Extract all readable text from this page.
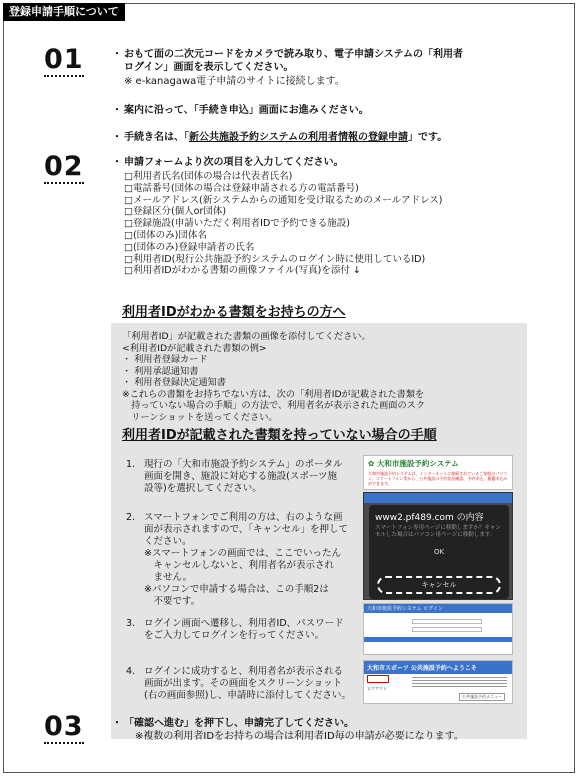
登録申請手順について
01	・ おもて面の二次元コードをカメラで読み取り、電子申請システムの「利用者
ログイン」画面を表示してください。
※ e-kanagawa電子申請のサイトに接続します。
・ 案内に沿って、「手続き申込」画面にお進みください。
・ 手続き名は、「新公共施設予約システムの利用者情報の登録申請」です。
02	・ 申請フォームより次の項目を入力してください。
□利用者氏名(団体の場合は代表者氏名)
□電話番号(団体の場合は登録申請される方の電話番号)
□メールアドレス(新システムからの通知を受け取るためのメールアドレス)
□登録区分(個人or団体)
□登録施設(申請いただく利用者IDで予約できる施設)
□(団体のみ)団体名
□(団体のみ)登録申請者の氏名
□利用者ID(現行公共施設予約システムのログイン時に使用しているID)
□利用者IDがわかる書類の画像ファイル(写真)を添付 ↓
利用者IDがわかる書類をお持ちの方へ
「利用者ID」が記載された書類の画像を添付してください。
<利用者IDが記載された書類の例>
・ 利用者登録カード
・ 利用承認通知書
・ 利用者登録決定通知書
※これらの書類をお持ちでない方は、次の「利用者IDが記載された書類を
　持っていない場合の手順」の方法で、利用者名が表示された画面のスク
　リーンショットを送ってください。
利用者IDが記載された書類を持っていない場合の手順
1. 現行の「大和市施設予約システム」のポータル
画面を開き、施設に対応する施設(スポーツ施
設等)を選択してください。
2. スマートフォンでご利用の方は、右のような画
面が表示されますので、「キャンセル」を押して
ください。
※スマートフォンの画面では、ここでいったん
　キャンセルしないと、利用者名が表示され
　ません。
※パソコンで申請する場合は、この手順2は
　不要です。
3. ログイン画面へ遷移し、利用者ID、パスワード
をご入力してログインを行ってください。
4. ログインに成功すると、利用者名が表示される
画面が出ます。その画面をスクリーンショット
(右の画面参照)し、申請時に添付してください。
✿ 大和市施設予約システム
大和市施設予約システムは、インターネットに接続されているご家庭のパソコン、スマートフォン等から、公共施設の予約状況確認、予約申込、抽選申込みができます。
www2.pf489.com の内容
スマートフォン専用ページに移動しますか？キャンセルした場合はパソコン用ページに移動します。
OK
キャンセル
大和市施設予約システム ログイン
大和市スポーツ 公共施設予約へようこそ
ログアウト
公共施設予約メニュー
03	・ 「確認へ進む」を押下し、申請完了してください。
※複数の利用者IDをお持ちの場合は利用者ID毎の申請が必要になります。
